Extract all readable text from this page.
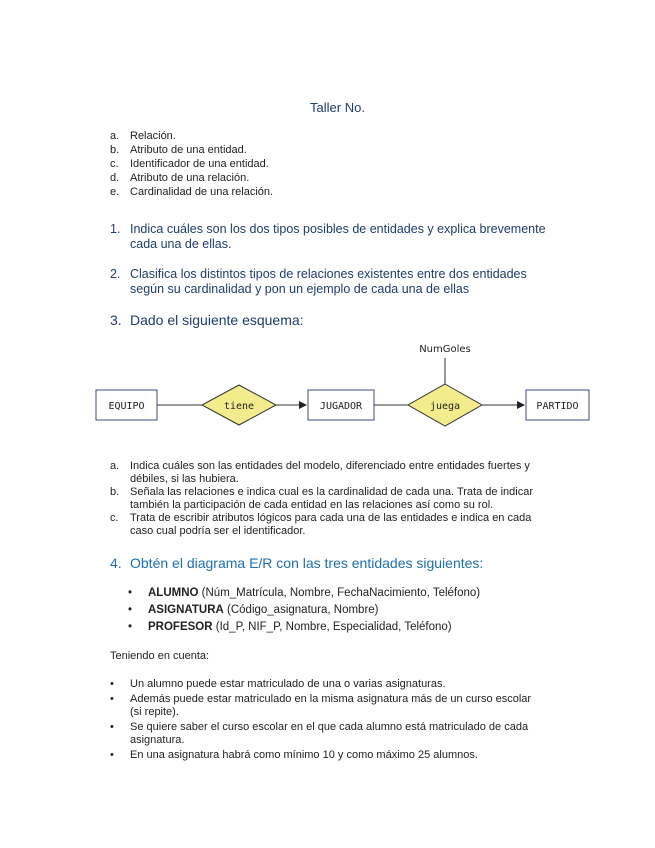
Taller No.
a. Relación.
b. Atributo de una entidad.
c.	Identificador de una entidad.
d. Atributo de una relación.
e. Cardinalidad de una relación.
1. Indica cuáles son los dos tipos posibles de entidades y explica brevemente
cada una de ellas.
2. Clasifica los distintos tipos de relaciones existentes entre dos entidades
según su cardinalidad y pon un ejemplo de cada una de ellas
3. Dado el siguiente esquema:
EQUIPO	tiene	JUGADOR	juega
NumGoles
PARTIDO
a. Indica cuáles son las entidades del modelo, diferenciado entre entidades fuertes y
débiles, si las hubiera.
b. Señala las relaciones e indica cual es la cardinalidad de cada una. Trata de indicar
también la participación de cada entidad en las relaciones así como su rol.
c.	Trata de escribir atributos lógicos para cada una de las entidades e indica en cada
caso cual podría ser el identificador.
4. Obtén el diagrama E/R con las tres entidades siguientes:
•	ALUMNO (Núm_Matrícula, Nombre, FechaNacimiento, Teléfono)
•	ASIGNATURA (Código_asignatura, Nombre)
•	PROFESOR (Id_P, NIF_P, Nombre, Especialidad, Teléfono)
Teniendo en cuenta:
•	Un alumno puede estar matriculado de una o varias asignaturas.
•	Además puede estar matriculado en la misma asignatura más de un curso escolar
(si repite).
•	Se quiere saber el curso escolar en el que cada alumno está matriculado de cada
asignatura.
•	En una asignatura habrá como mínimo 10 y como máximo 25 alumnos.
